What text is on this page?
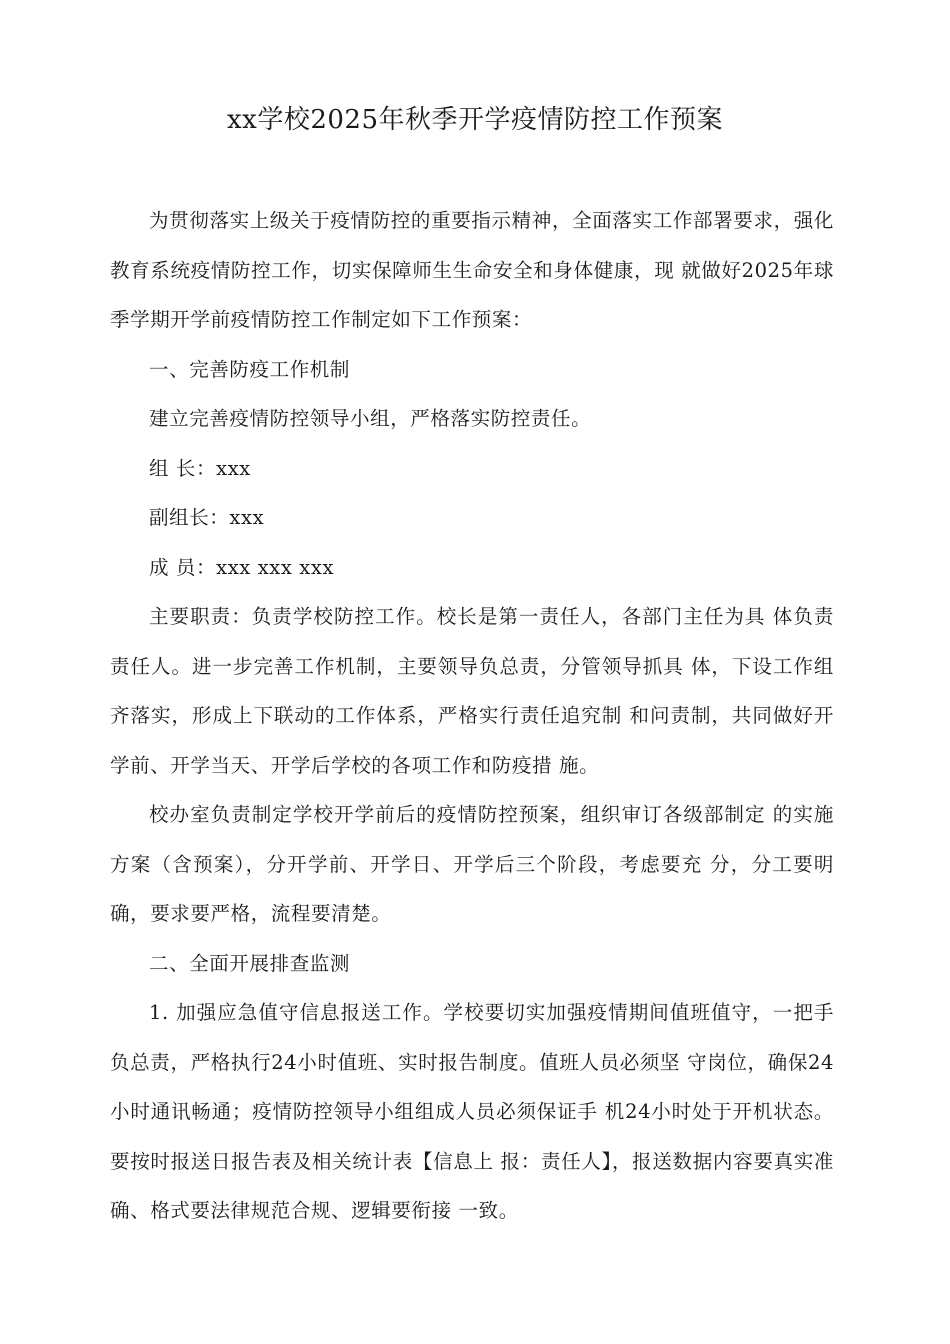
xx学校2025年秋季开学疫情防控工作预案

为贯彻落实上级关于疫情防控的重要指示精神，全面落实工作部署要求，强化教育系统疫情防控工作，切实保障师生生命安全和身体健康，现 就做好2025年球季学期开学前疫情防控工作制定如下工作预案：

一、完善防疫工作机制

建立完善疫情防控领导小组，严格落实防控责任。

组 长：xxx

副组长：xxx

成 员：xxx xxx xxx

主要职责：负责学校防控工作。校长是第一责任人，各部门主任为具 体负责责任人。进一步完善工作机制，主要领导负总责，分管领导抓具 体，下设工作组齐落实，形成上下联动的工作体系，严格实行责任追究制 和问责制，共同做好开学前、开学当天、开学后学校的各项工作和防疫措 施。

校办室负责制定学校开学前后的疫情防控预案，组织审订各级部制定 的实施方案（含预案），分开学前、开学日、开学后三个阶段，考虑要充 分，分工要明确，要求要严格，流程要清楚。

二、全面开展排查监测

1. 加强应急值守信息报送工作。学校要切实加强疫情期间值班值守，一把手负总责，严格执行24小时值班、实时报告制度。值班人员必须坚 守岗位，确保24小时通讯畅通；疫情防控领导小组组成人员必须保证手 机24小时处于开机状态。要按时报送日报告表及相关统计表【信息上 报：责任人】，报送数据内容要真实准确、格式要法律规范合规、逻辑要衔接 一致。
